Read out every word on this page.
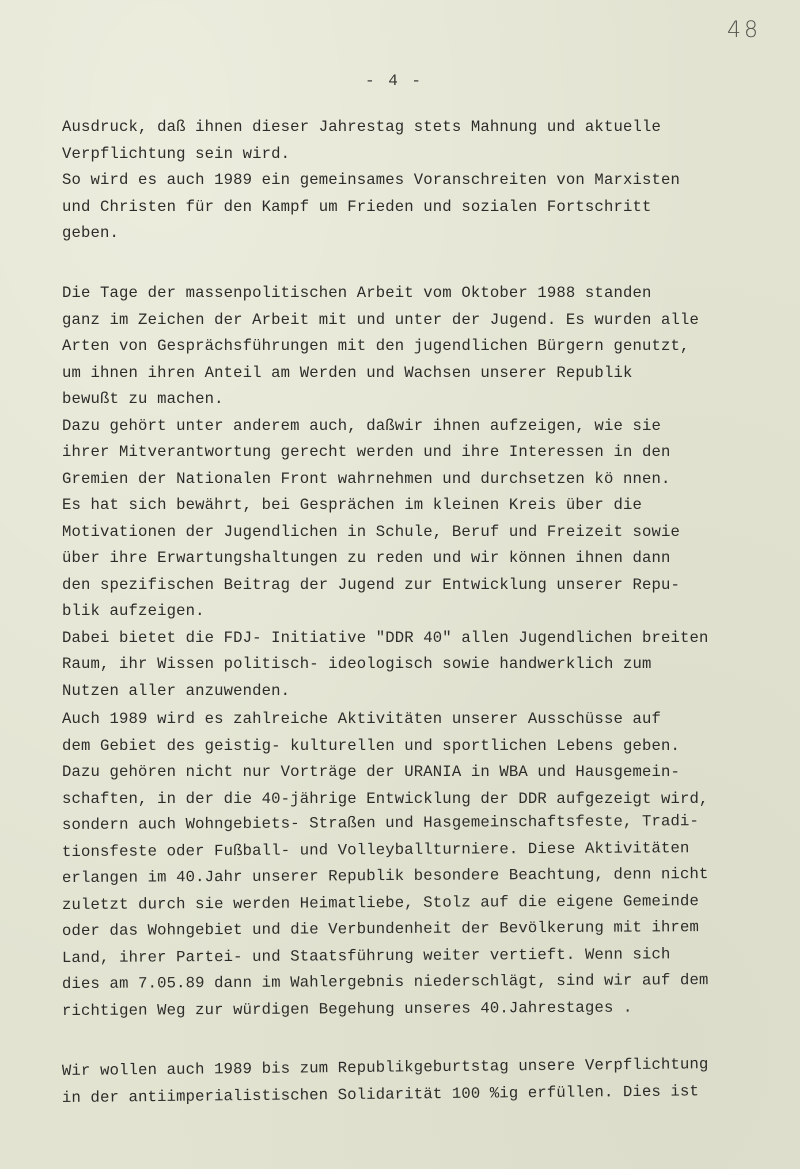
48
- 4 -
Ausdruck, daß ihnen dieser Jahrestag stets Mahnung und aktuelle
Verpflichtung sein wird.
So wird es auch 1989 ein gemeinsames Voranschreiten von Marxisten
und Christen für den Kampf um Frieden und sozialen Fortschritt
geben.
Die Tage der massenpolitischen Arbeit vom Oktober 1988 standen
ganz im Zeichen der Arbeit mit und unter der Jugend. Es wurden alle
Arten von Gesprächsführungen mit den jugendlichen Bürgern genutzt,
um ihnen ihren Anteil am Werden und Wachsen unserer Republik
bewußt zu machen.
Dazu gehört unter anderem auch, daßwir ihnen aufzeigen, wie sie
ihrer Mitverantwortung gerecht werden und ihre Interessen in den
Gremien der Nationalen Front wahrnehmen und durchsetzen kö nnen.
Es hat sich bewährt, bei Gesprächen im kleinen Kreis über die
Motivationen der Jugendlichen in Schule, Beruf und Freizeit sowie
über ihre Erwartungshaltungen zu reden und wir können ihnen dann
den spezifischen Beitrag der Jugend zur Entwicklung unserer Repu-
blik aufzeigen.
Dabei bietet die FDJ- Initiative "DDR 40" allen Jugendlichen breiten
Raum, ihr Wissen politisch- ideologisch sowie handwerklich zum
Nutzen aller anzuwenden.
Auch 1989 wird es zahlreiche Aktivitäten unserer Ausschüsse auf
dem Gebiet des geistig- kulturellen und sportlichen Lebens geben.
Dazu gehören nicht nur Vorträge der URANIA in WBA und Hausgemein-
schaften, in der die 40-jährige Entwicklung der DDR aufgezeigt wird,
sondern auch Wohngebiets- Straßen und Hasgemeinschaftsfeste, Tradi-
tionsfeste oder Fußball- und Volleyballturniere. Diese Aktivitäten
erlangen im 40.Jahr unserer Republik besondere Beachtung, denn nicht
zuletzt durch sie werden Heimatliebe, Stolz auf die eigene Gemeinde
oder das Wohngebiet und die Verbundenheit der Bevölkerung mit ihrem
Land, ihrer Partei- und Staatsführung weiter vertieft. Wenn sich
dies am 7.05.89 dann im Wahlergebnis niederschlägt, sind wir auf dem
richtigen Weg zur würdigen Begehung unseres 40.Jahrestages .
Wir wollen auch 1989 bis zum Republikgeburtstag unsere Verpflichtung
in der antiimperialistischen Solidarität 100 %ig erfüllen. Dies ist
